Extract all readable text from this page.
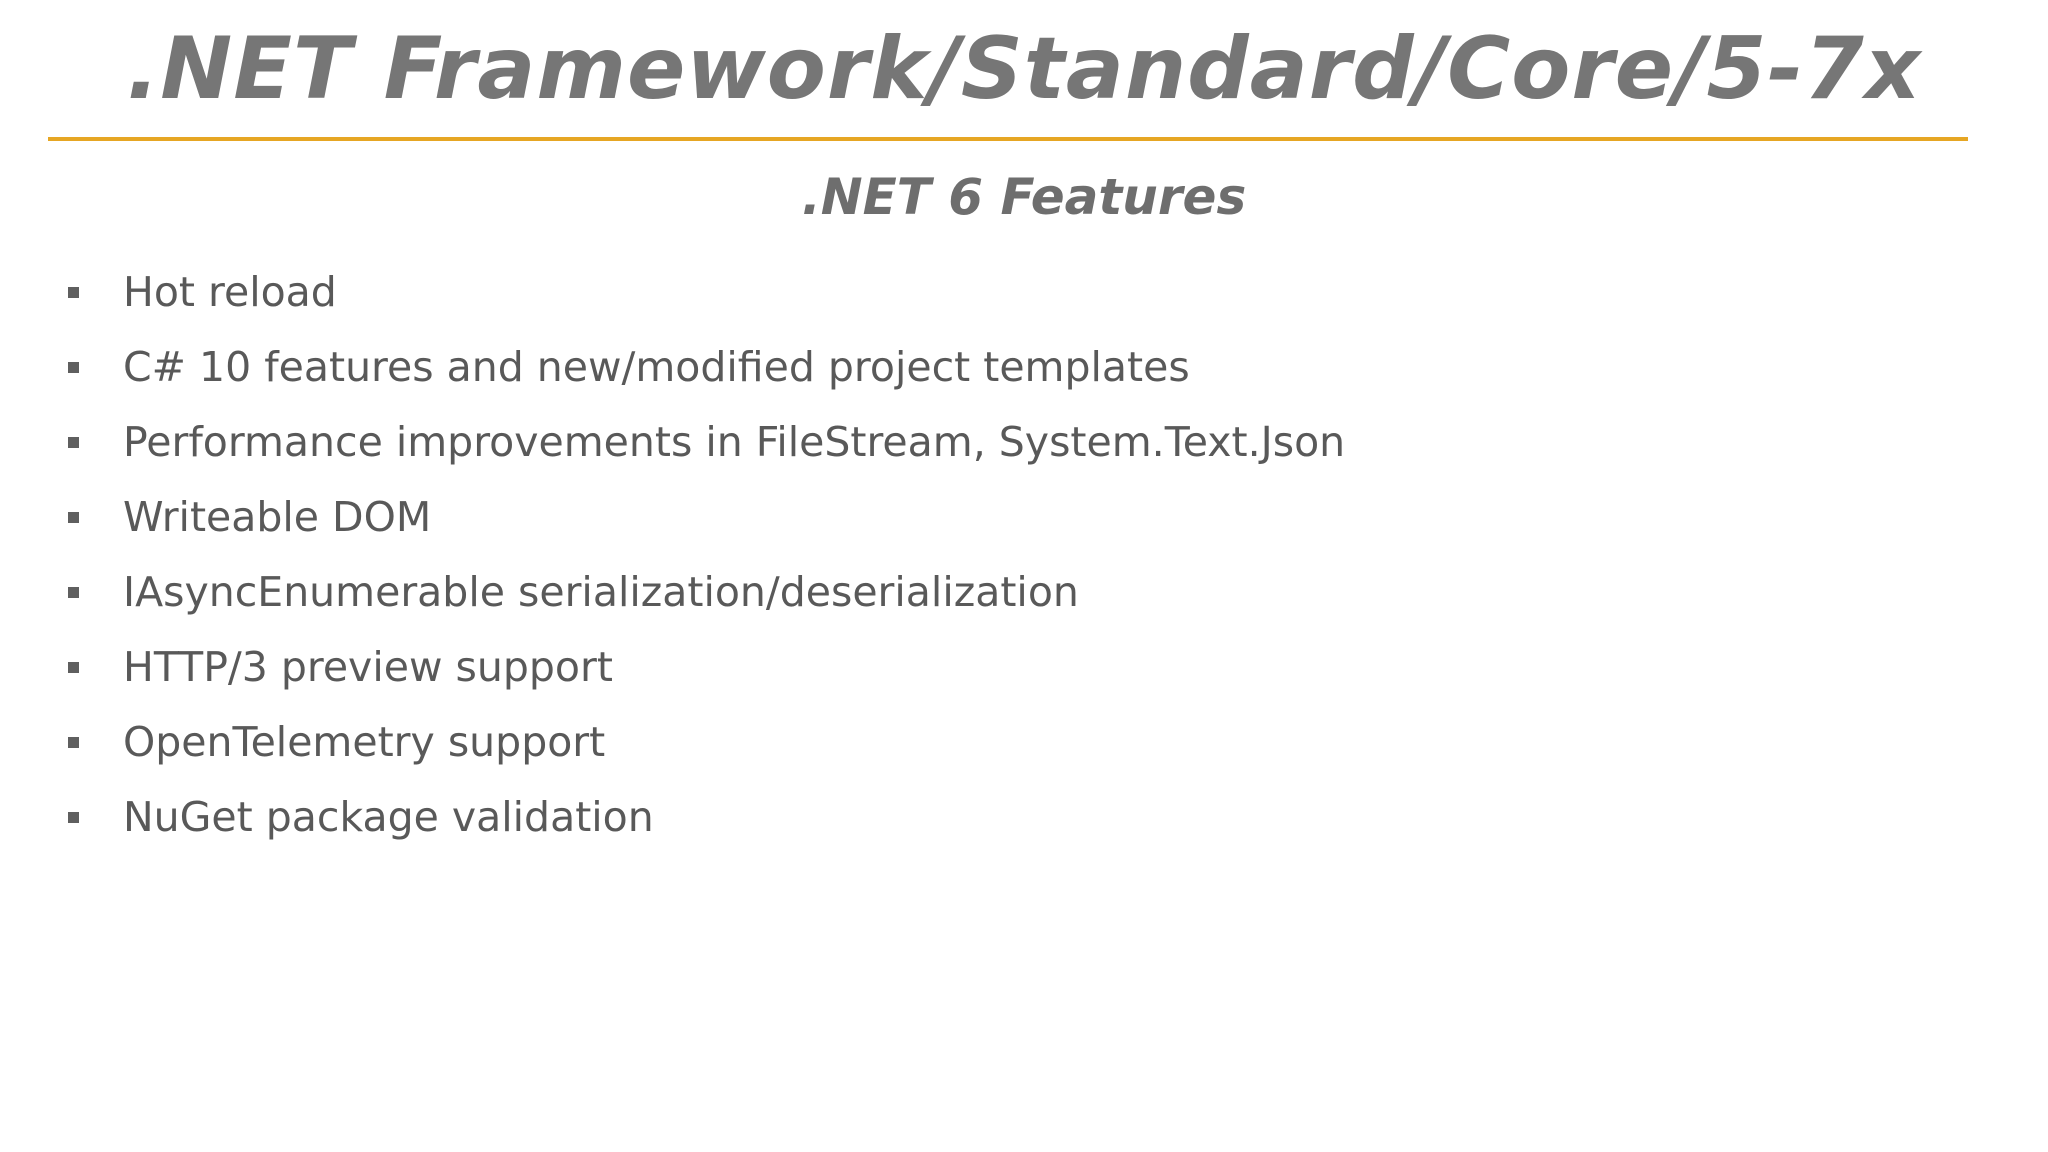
.NET Framework/Standard/Core/5-7x
.NET 6 Features
Hot reload
C# 10 features and new/modified project templates
Performance improvements in FileStream, System.Text.Json
Writeable DOM
IAsyncEnumerable serialization/deserialization
HTTP/3 preview support
OpenTelemetry support
NuGet package validation
